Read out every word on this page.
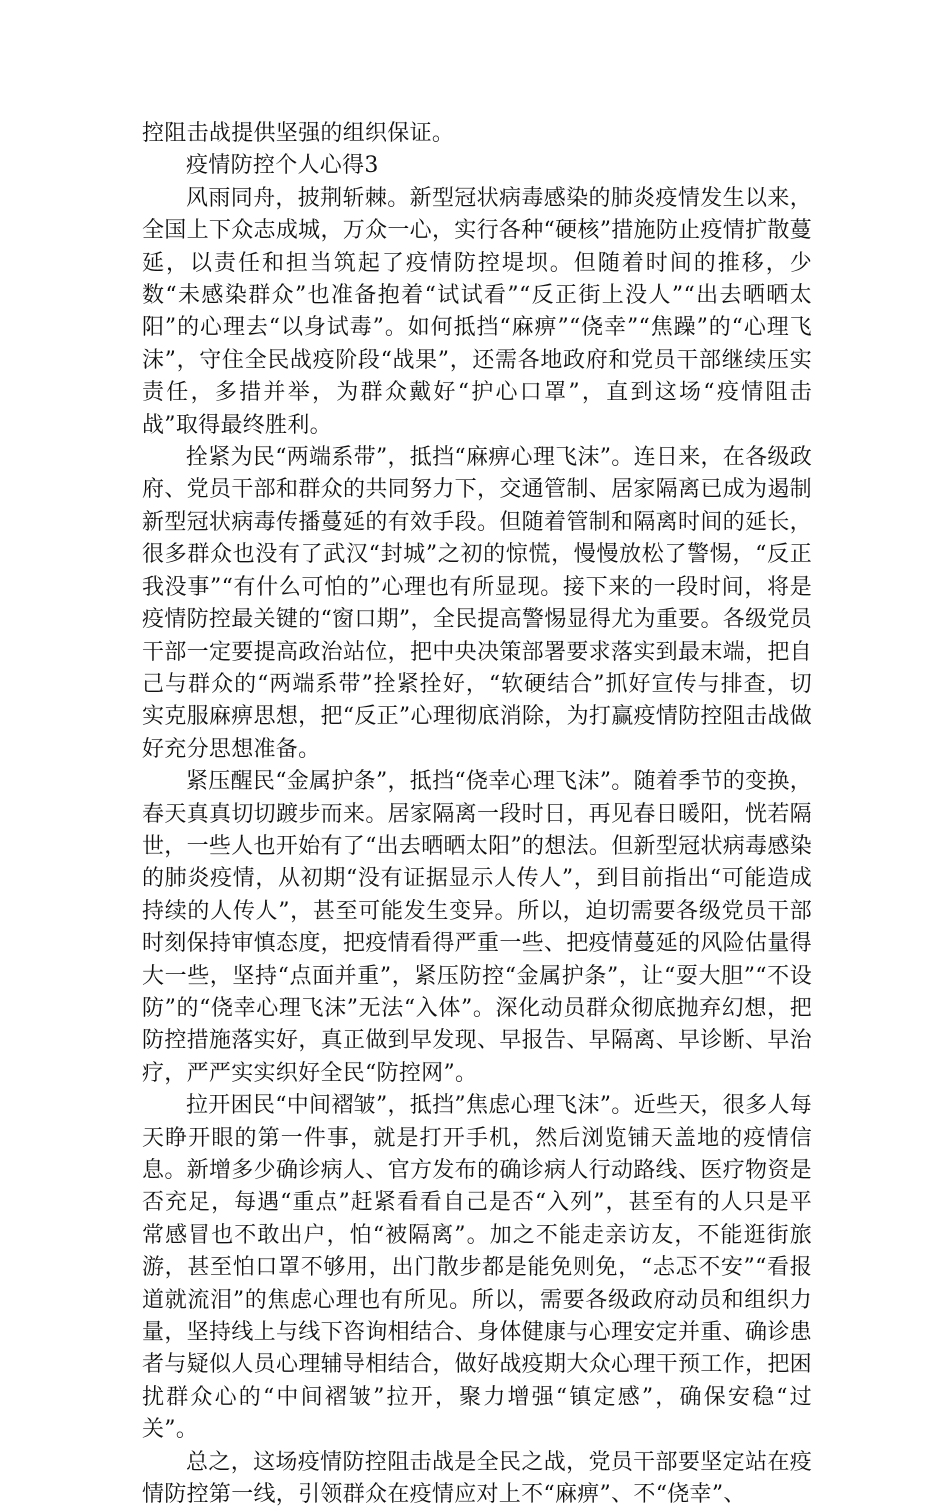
控阻击战提供坚强的组织保证。

疫情防控个人心得3

风雨同舟，披荆斩棘。新型冠状病毒感染的肺炎疫情发生以来，全国上下众志成城，万众一心，实行各种“硬核”措施防止疫情扩散蔓延，以责任和担当筑起了疫情防控堤坝。但随着时间的推移，少数“未感染群众”也准备抱着“试试看”“反正街上没人”“出去晒晒太阳”的心理去“以身试毒”。如何抵挡“麻痹”“侥幸”“焦躁”的“心理飞沫”，守住全民战疫阶段“战果”，还需各地政府和党员干部继续压实责任，多措并举，为群众戴好“护心口罩”，直到这场“疫情阻击战”取得最终胜利。

拴紧为民“两端系带”，抵挡“麻痹心理飞沫”。连日来，在各级政府、党员干部和群众的共同努力下，交通管制、居家隔离已成为遏制新型冠状病毒传播蔓延的有效手段。但随着管制和隔离时间的延长，很多群众也没有了武汉“封城”之初的惊慌，慢慢放松了警惕，“反正我没事”“有什么可怕的”心理也有所显现。接下来的一段时间，将是疫情防控最关键的“窗口期”，全民提高警惕显得尤为重要。各级党员干部一定要提高政治站位，把中央决策部署要求落实到最末端，把自己与群众的“两端系带”拴紧拴好，“软硬结合”抓好宣传与排查，切实克服麻痹思想，把“反正”心理彻底消除，为打赢疫情防控阻击战做好充分思想准备。

紧压醒民“金属护条”，抵挡“侥幸心理飞沫”。随着季节的变换，春天真真切切踱步而来。居家隔离一段时日，再见春日暖阳，恍若隔世，一些人也开始有了“出去晒晒太阳”的想法。但新型冠状病毒感染的肺炎疫情，从初期“没有证据显示人传人”，到目前指出“可能造成持续的人传人”，甚至可能发生变异。所以，迫切需要各级党员干部时刻保持审慎态度，把疫情看得严重一些、把疫情蔓延的风险估量得大一些，坚持“点面并重”，紧压防控“金属护条”，让“耍大胆”“不设防”的“侥幸心理飞沫”无法“入体”。深化动员群众彻底抛弃幻想，把防控措施落实好，真正做到早发现、早报告、早隔离、早诊断、早治疗，严严实实织好全民“防控网”。

拉开困民“中间褶皱”，抵挡”焦虑心理飞沫”。近些天，很多人每天睁开眼的第一件事，就是打开手机，然后浏览铺天盖地的疫情信息。新增多少确诊病人、官方发布的确诊病人行动路线、医疗物资是否充足，每遇“重点”赶紧看看自己是否“入列”，甚至有的人只是平常感冒也不敢出户，怕“被隔离”。加之不能走亲访友，不能逛街旅游，甚至怕口罩不够用，出门散步都是能免则免，“忐忑不安”“看报道就流泪”的焦虑心理也有所见。所以，需要各级政府动员和组织力量，坚持线上与线下咨询相结合、身体健康与心理安定并重、确诊患者与疑似人员心理辅导相结合，做好战疫期大众心理干预工作，把困扰群众心的“中间褶皱”拉开，聚力增强“镇定感”，确保安稳“过关”。

总之，这场疫情防控阻击战是全民之战，党员干部要坚定站在疫情防控第一线，引领群众在疫情应对上不“麻痹”、不“侥幸”、
